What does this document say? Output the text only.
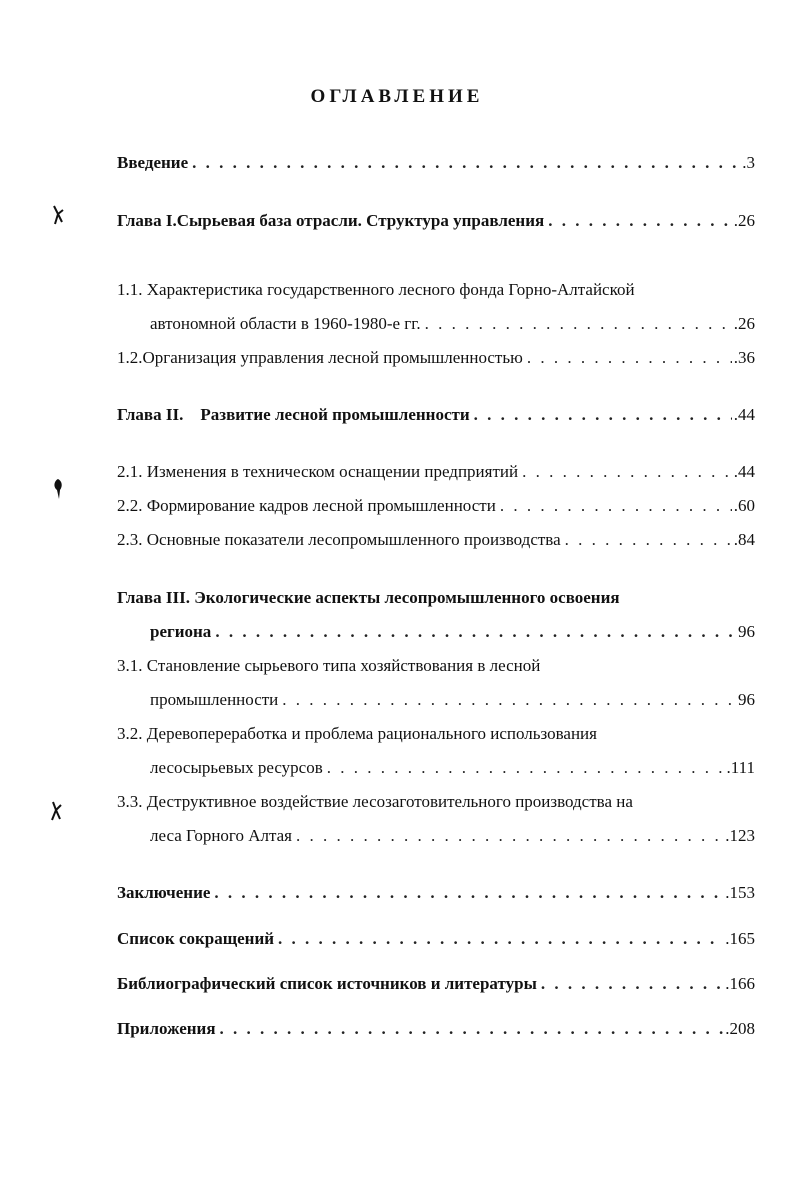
ОГЛАВЛЕНИЕ
Введение . . .	.3
Глава I.Сырьевая база отрасли. Структура управления . . .	.26
1.1. Характеристика государственного лесного фонда Горно-Алтайской
автономной области в 1960-1980-е гг. . . .	.26
1.2.Организация управления лесной промышленностью . . .	.36
Глава II.    Развитие лесной промышленности . . .	.44
2.1. Изменения в техническом оснащении предприятий . . .	.44
2.2. Формирование кадров лесной промышленности . . .	.60
2.3. Основные показатели лесопромышленного производства . . .	.84
Глава III. Экологические аспекты лесопромышленного освоения
региона . . .	96
3.1. Становление сырьевого типа хозяйствования в лесной
промышленности . . .	96
3.2. Деревопереработка и проблема рационального использования
лесосырьевых ресурсов . . .	.111
3.3. Деструктивное воздействие лесозаготовительного производства на
леса Горного Алтая . . .	.123
Заключение . . .	.153
Список сокращений . . .	.165
Библиографический список источников и литературы . . .	.166
Приложения . . .	.208
